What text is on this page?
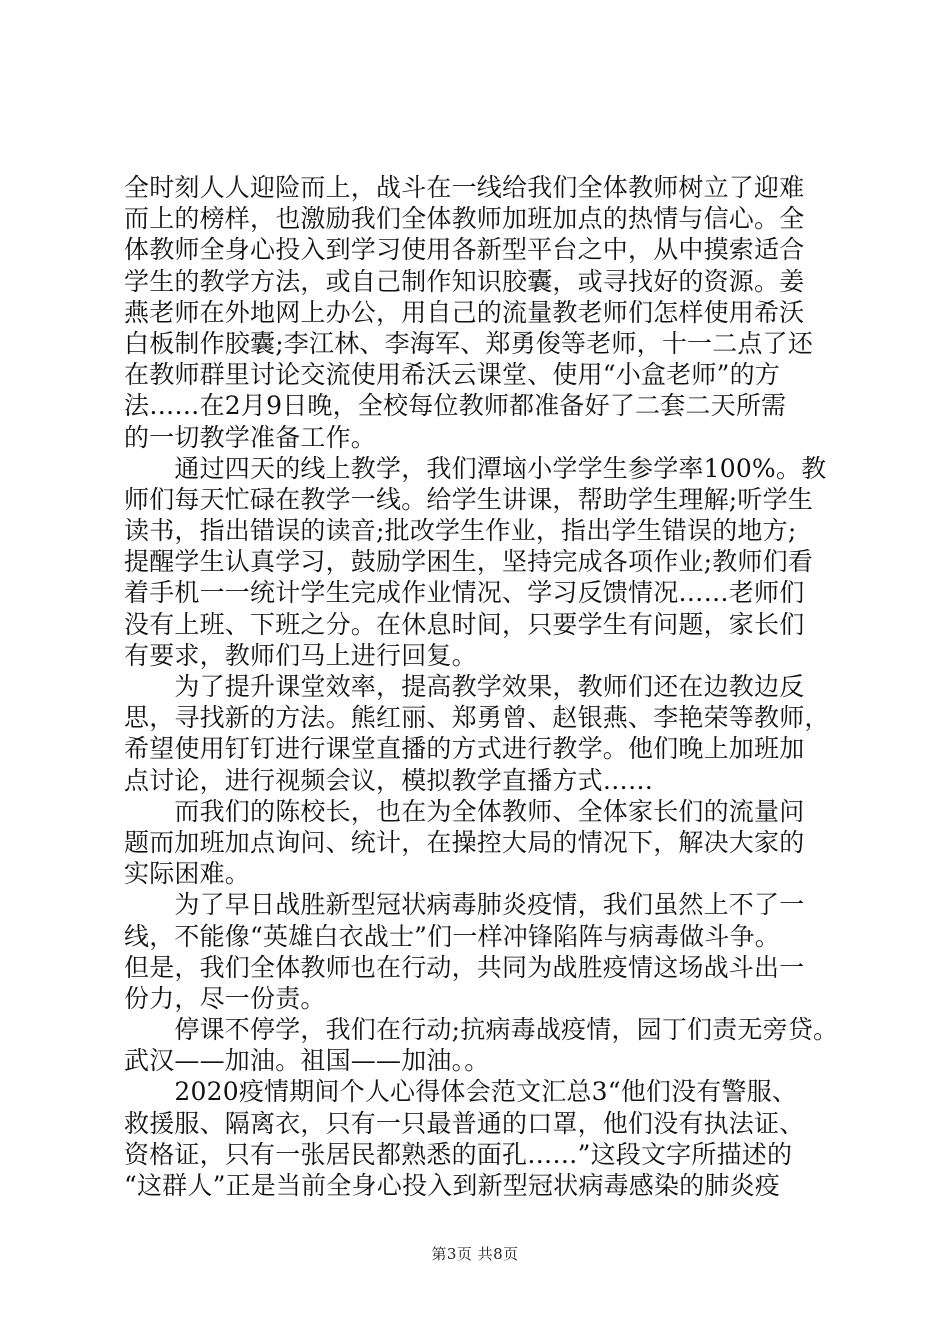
全时刻人人迎险而上，战斗在一线给我们全体教师树立了迎难
而上的榜样，也激励我们全体教师加班加点的热情与信心。全
体教师全身心投入到学习使用各新型平台之中，从中摸索适合
学生的教学方法，或自己制作知识胶囊，或寻找好的资源。姜
燕老师在外地网上办公，用自己的流量教老师们怎样使用希沃
白板制作胶囊;李江林、李海军、郑勇俊等老师，十一二点了还
在教师群里讨论交流使用希沃云课堂、使用“小盒老师”的方
法……在2月9日晚，全校每位教师都准备好了二套二天所需
的一切教学准备工作。
　　通过四天的线上教学，我们潭垴小学学生参学率100%。教
师们每天忙碌在教学一线。给学生讲课，帮助学生理解;听学生
读书，指出错误的读音;批改学生作业，指出学生错误的地方;
提醒学生认真学习，鼓励学困生，坚持完成各项作业;教师们看
着手机一一统计学生完成作业情况、学习反馈情况……老师们
没有上班、下班之分。在休息时间，只要学生有问题，家长们
有要求，教师们马上进行回复。
　　为了提升课堂效率，提高教学效果，教师们还在边教边反
思，寻找新的方法。熊红丽、郑勇曾、赵银燕、李艳荣等教师，
希望使用钉钉进行课堂直播的方式进行教学。他们晚上加班加
点讨论，进行视频会议，模拟教学直播方式……
　　而我们的陈校长，也在为全体教师、全体家长们的流量问
题而加班加点询问、统计，在操控大局的情况下，解决大家的
实际困难。
　　为了早日战胜新型冠状病毒肺炎疫情，我们虽然上不了一
线，不能像“英雄白衣战士”们一样冲锋陷阵与病毒做斗争。
但是，我们全体教师也在行动，共同为战胜疫情这场战斗出一
份力，尽一份责。
　　停课不停学，我们在行动;抗病毒战疫情，园丁们责无旁贷。
武汉——加油。祖国——加油。。
　　2020疫情期间个人心得体会范文汇总3“他们没有警服、
救援服、隔离衣，只有一只最普通的口罩，他们没有执法证、
资格证，只有一张居民都熟悉的面孔……”这段文字所描述的
“这群人”正是当前全身心投入到新型冠状病毒感染的肺炎疫
第3页 共8页
